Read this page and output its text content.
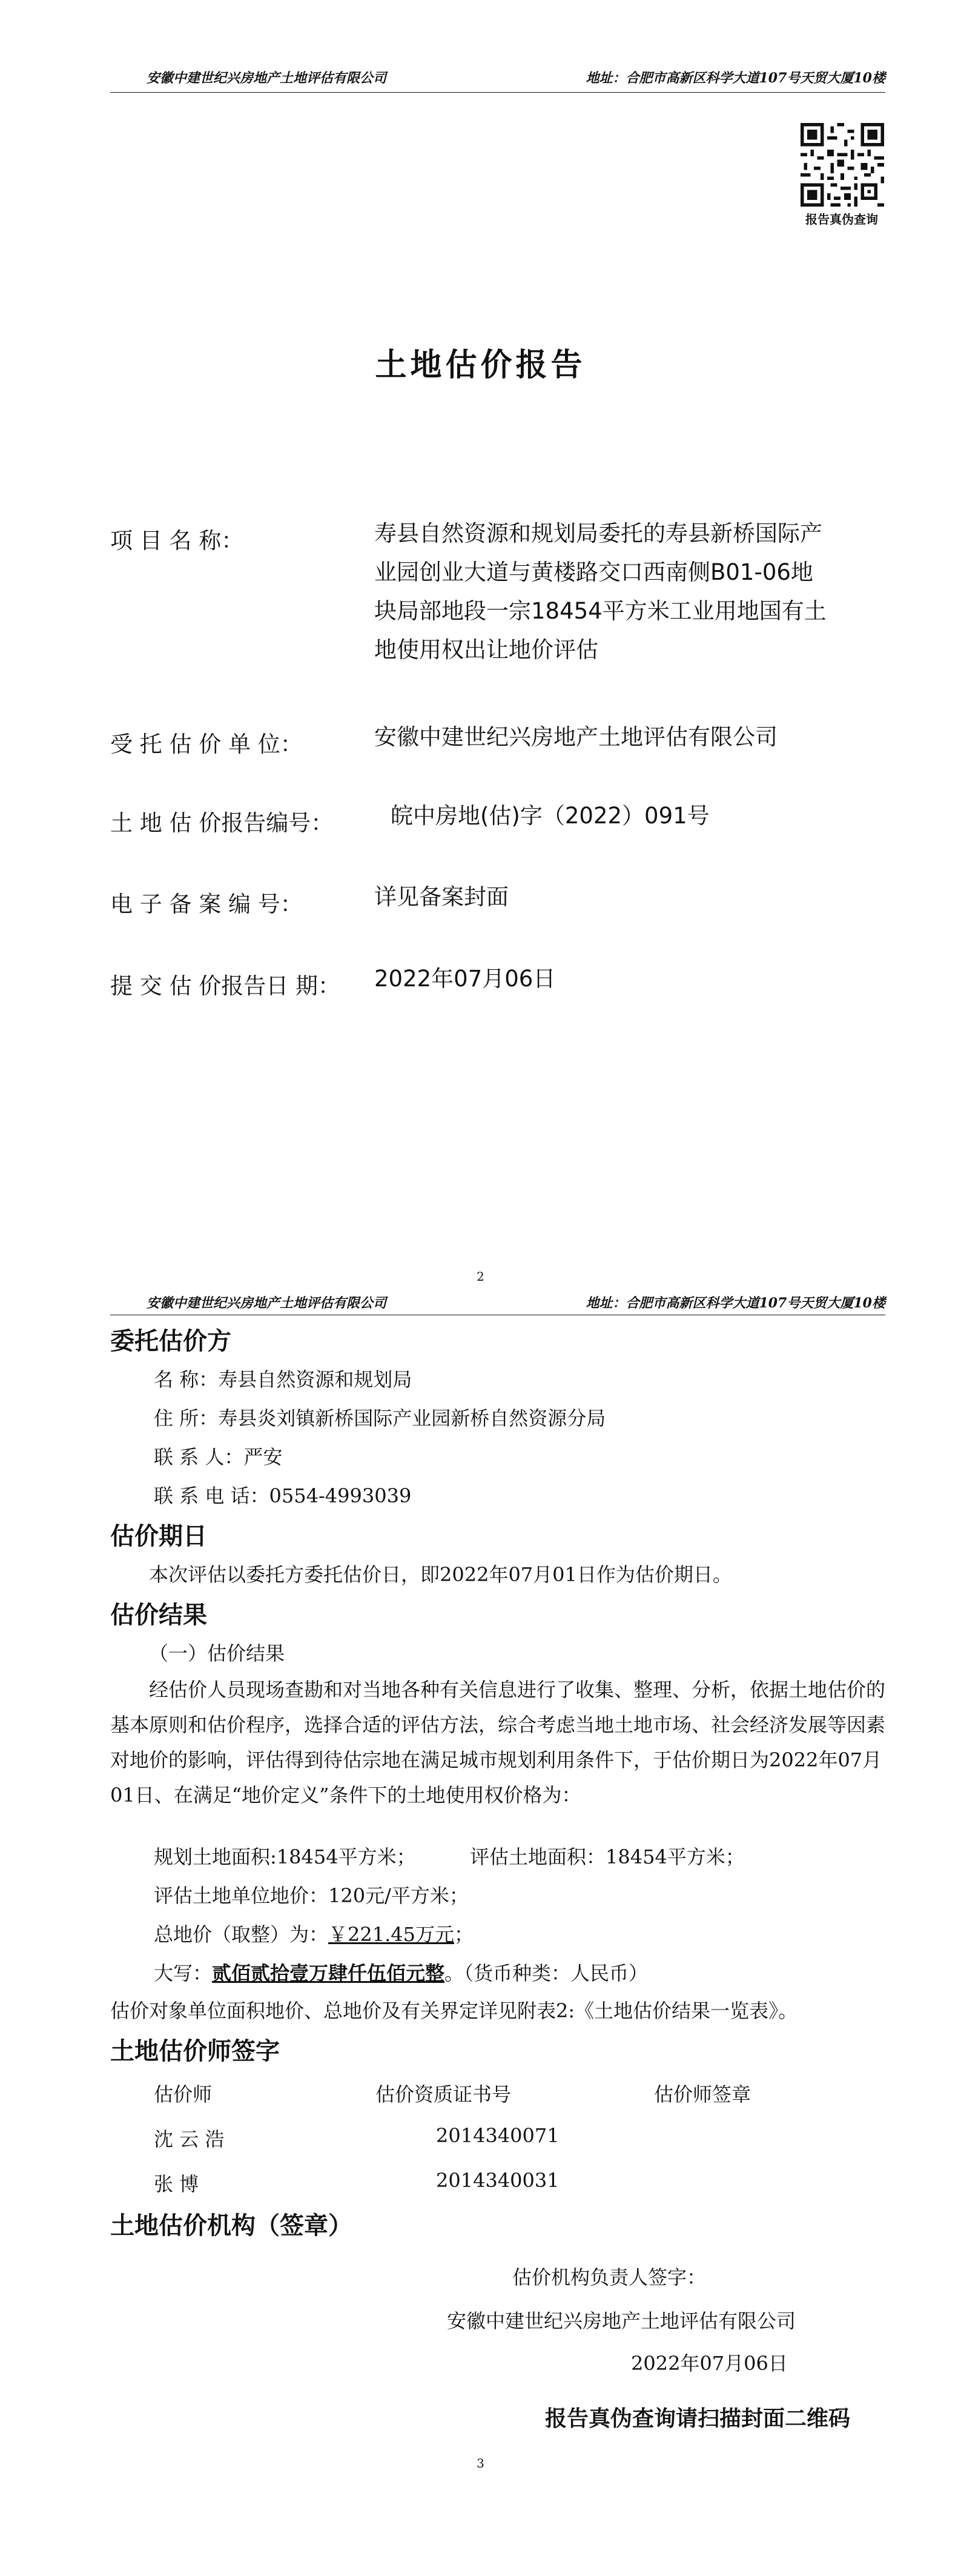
安徽中建世纪兴房地产土地评估有限公司	地址：合肥市高新区科学大道107号天贸大厦10楼
报告真伪查询
土地估价报告
项 目 名 称：	寿县自然资源和规划局委托的寿县新桥国际产
业园创业大道与黄楼路交口西南侧B01-06地
块局部地段一宗18454平方米工业用地国有土
地使用权出让地价评估
受 托 估 价 单 位：	安徽中建世纪兴房地产土地评估有限公司
土 地 估 价报告编号：	皖中房地(估)字（2022）091号
电 子 备 案 编 号：	详见备案封面
提 交 估 价报告日 期： 2022年07月06日
2
安徽中建世纪兴房地产土地评估有限公司	地址：合肥市高新区科学大道107号天贸大厦10楼
委托估价方
名 称：寿县自然资源和规划局
住 所：寿县炎刘镇新桥国际产业园新桥自然资源分局
联 系 人：严安
联 系 电 话：0554-4993039
估价期日
本次评估以委托方委托估价日，即2022年07月01日作为估价期日。
估价结果
（一）估价结果
经估价人员现场查勘和对当地各种有关信息进行了收集、整理、分析，依据土地估价的基本原则和估价程序，选择合适的评估方法，综合考虑当地土地市场、社会经济发展等因素对地价的影响，评估得到待估宗地在满足城市规划利用条件下，于估价期日为2022年07月01日、在满足“地价定义”条件下的土地使用权价格为：
规划土地面积:18454平方米；	评估土地面积：18454平方米；
评估土地单位地价：120元/平方米；
总地价（取整）为：￥221.45万元；
大写：贰佰贰拾壹万肆仟伍佰元整。（货币种类：人民币）
估价对象单位面积地价、总地价及有关界定详见附表2:《土地估价结果一览表》。
土地估价师签字
估价师	估价资质证书号	估价师签章
沈 云 浩	2014340071
张 博	2014340031
土地估价机构（签章）
估价机构负责人签字：
安徽中建世纪兴房地产土地评估有限公司
2022年07月06日
报告真伪查询请扫描封面二维码
3
